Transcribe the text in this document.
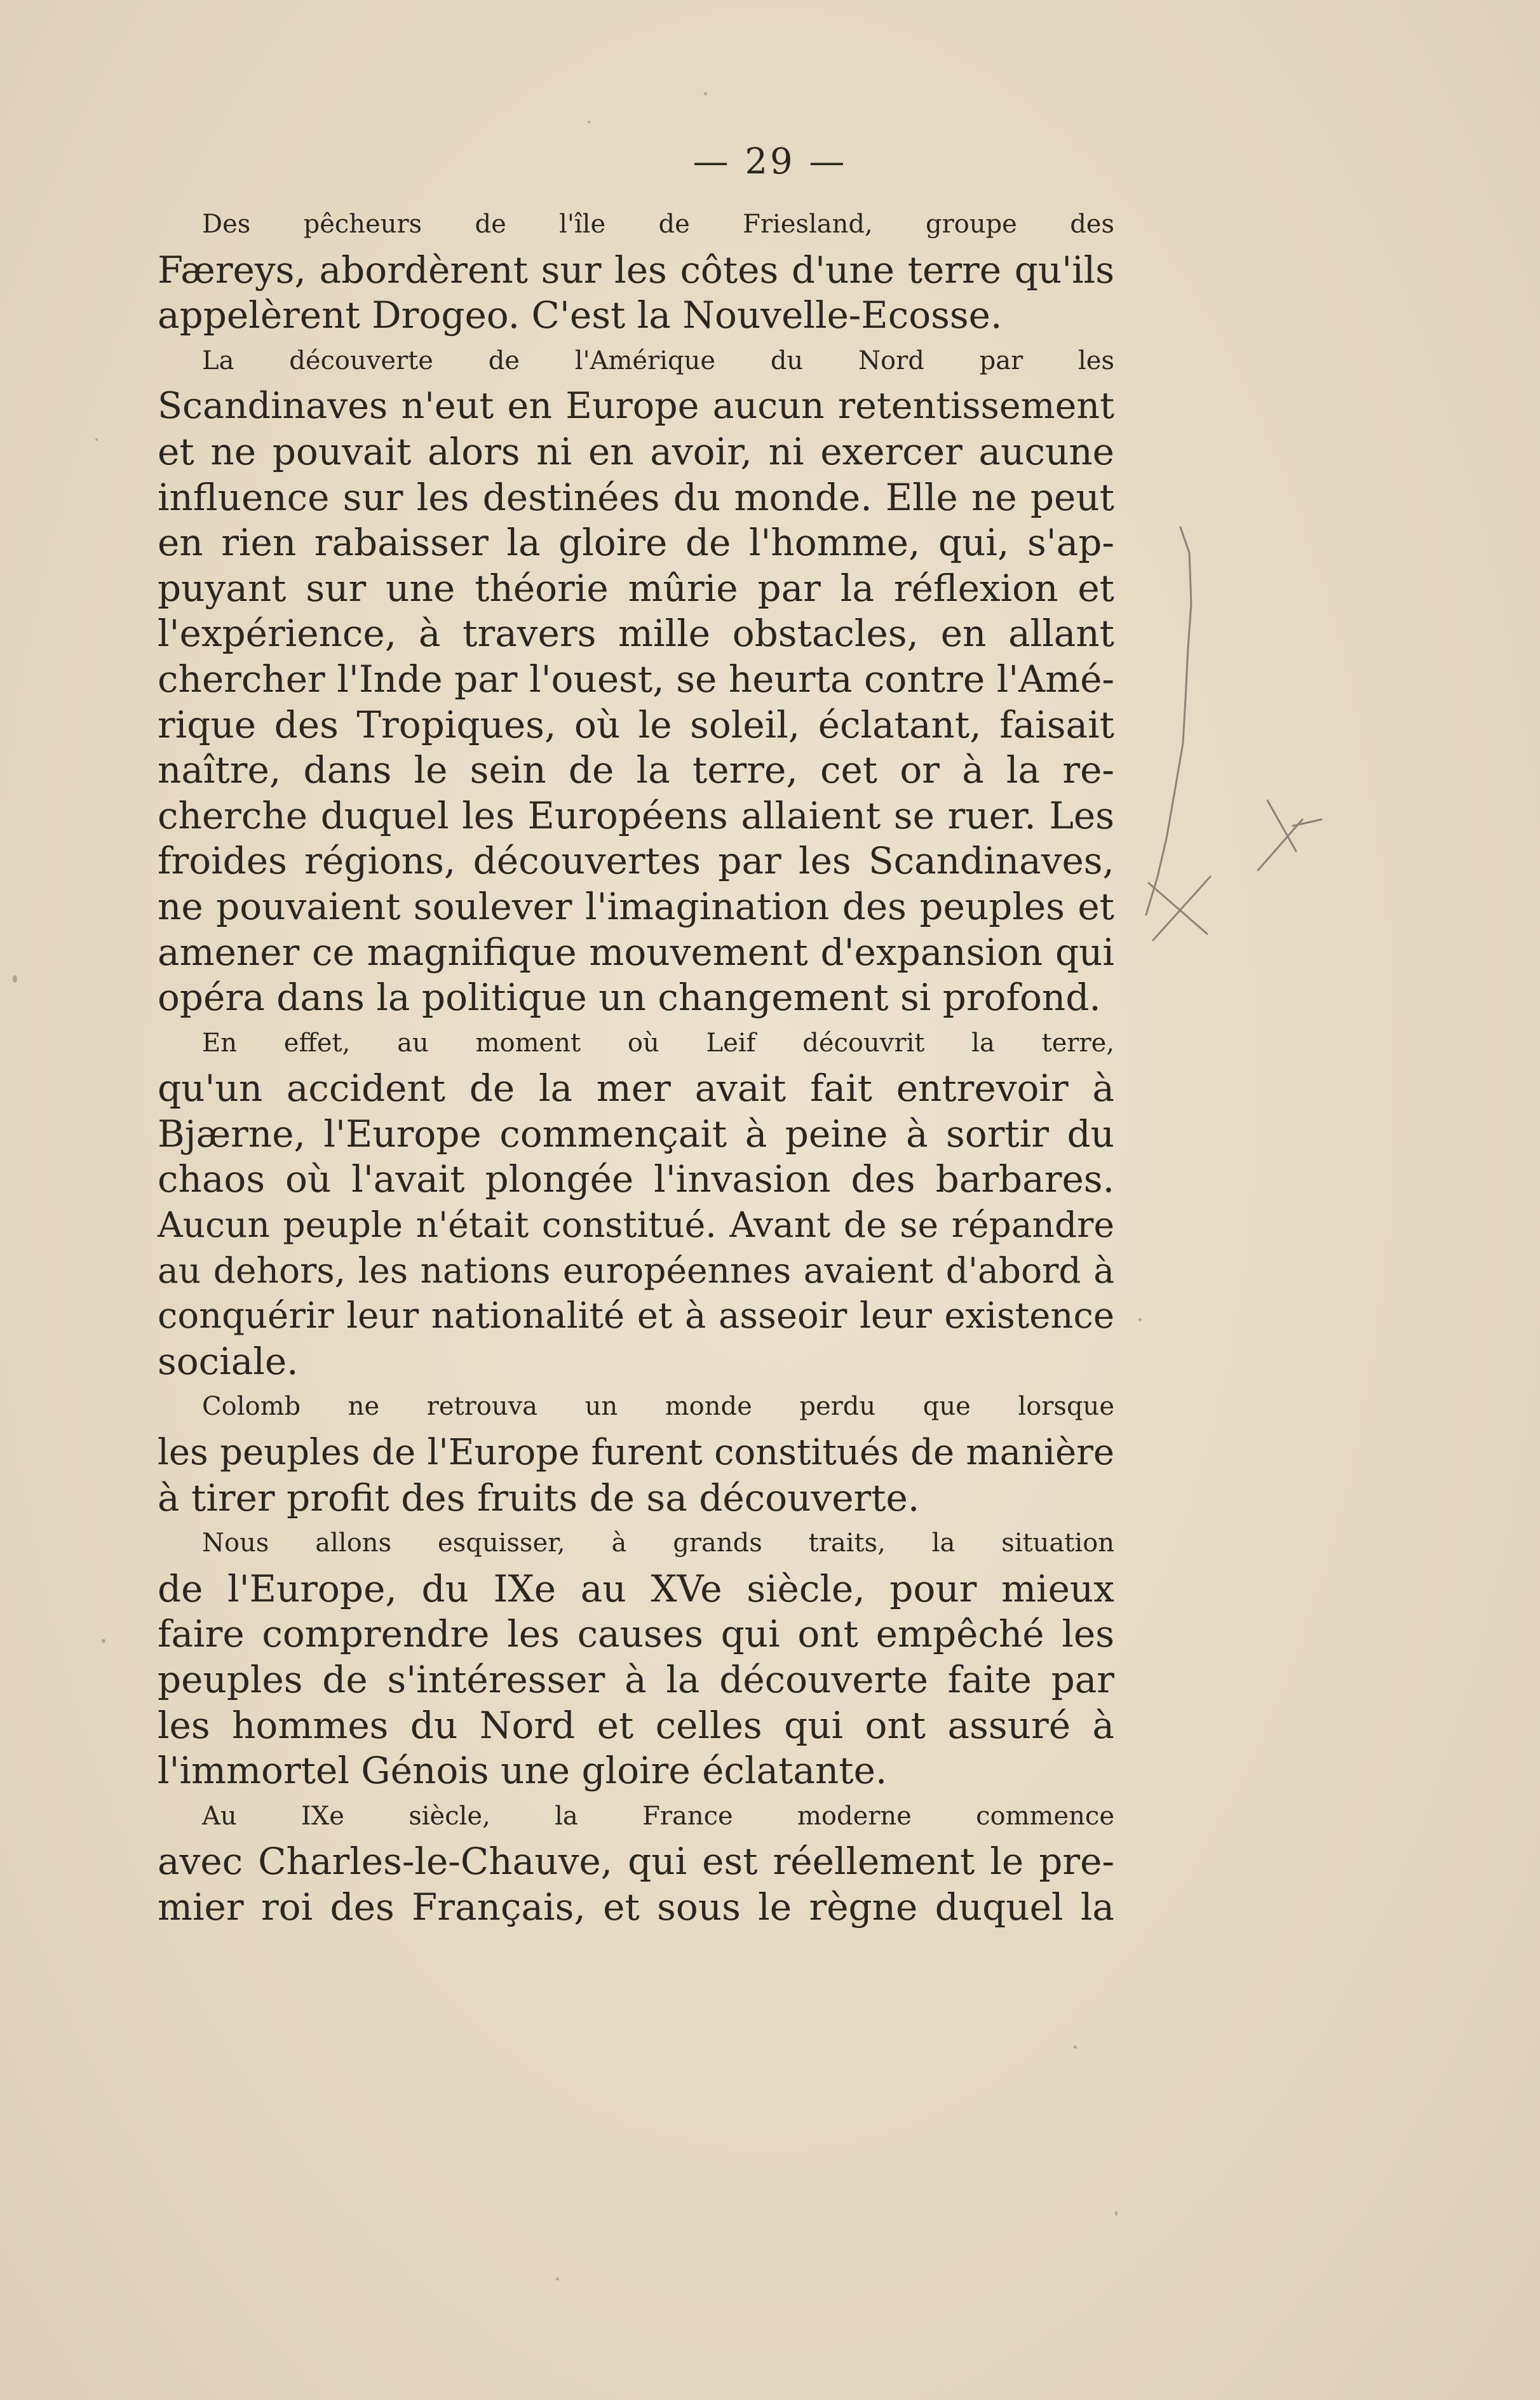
— 29 —
Des pêcheurs de l'île de Friesland, groupe des
Færeys, abordèrent sur les côtes d'une terre qu'ils
appelèrent Drogeo. C'est la Nouvelle-Ecosse.
La découverte de l'Amérique du Nord par les
Scandinaves n'eut en Europe aucun retentissement
et ne pouvait alors ni en avoir, ni exercer aucune
influence sur les destinées du monde. Elle ne peut
en rien rabaisser la gloire de l'homme, qui, s'ap-
puyant sur une théorie mûrie par la réflexion et
l'expérience, à travers mille obstacles, en allant
chercher l'Inde par l'ouest, se heurta contre l'Amé-
rique des Tropiques, où le soleil, éclatant, faisait
naître, dans le sein de la terre, cet or à la re-
cherche duquel les Européens allaient se ruer. Les
froides régions, découvertes par les Scandinaves,
ne pouvaient soulever l'imagination des peuples et
amener ce magnifique mouvement d'expansion qui
opéra dans la politique un changement si profond.
En effet, au moment où Leif découvrit la terre,
qu'un accident de la mer avait fait entrevoir à
Bjærne, l'Europe commençait à peine à sortir du
chaos où l'avait plongée l'invasion des barbares.
Aucun peuple n'était constitué. Avant de se répandre
au dehors, les nations européennes avaient d'abord à
conquérir leur nationalité et à asseoir leur existence
sociale.
Colomb ne retrouva un monde perdu que lorsque
les peuples de l'Europe furent constitués de manière
à tirer profit des fruits de sa découverte.
Nous allons esquisser, à grands traits, la situation
de l'Europe, du IXe au XVe siècle, pour mieux
faire comprendre les causes qui ont empêché les
peuples de s'intéresser à la découverte faite par
les hommes du Nord et celles qui ont assuré à
l'immortel Génois une gloire éclatante.
Au IXe siècle, la France moderne commence
avec Charles-le-Chauve, qui est réellement le pre-
mier roi des Français, et sous le règne duquel la
